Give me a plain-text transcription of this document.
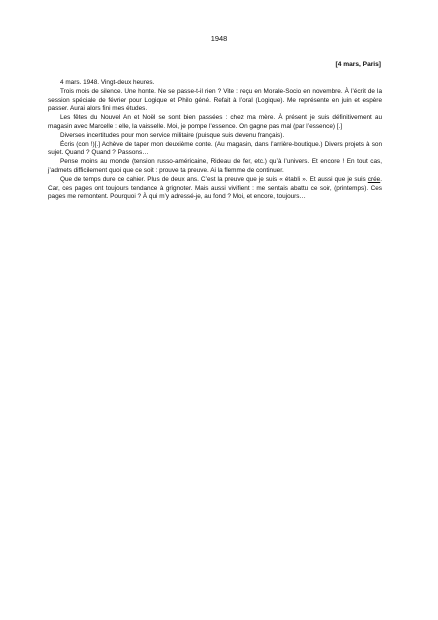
1948
[4 mars, Paris]

4 mars. 1948. Vingt-deux heures.

Trois mois de silence. Une honte. Ne se passe-t-il rien ? Vite : reçu en Morale-Socio en novembre. À l’écrit de la session spéciale de février pour Logique et Philo géné. Refait à l’oral (Logique). Me représente en juin et espère passer. Aurai alors fini mes études.

Les fêtes du Nouvel An et Noël se sont bien passées : chez ma mère. À présent je suis définitivement au magasin avec Marcelle : elle, la vaisselle. Moi, je pompe l’essence. On gagne pas mal (par l’essence) [.]

Diverses incertitudes pour mon service militaire (puisque suis devenu français).

Écris (con !)[.] Achève de taper mon deuxième conte. (Au magasin, dans l’arrière-boutique.) Divers projets à son sujet. Quand ? Quand ? Passons…

Pense moins au monde (tension russo-américaine, Rideau de fer, etc.) qu’à l’univers. Et encore ! En tout cas, j’admets difficilement quoi que ce soit : prouve ta preuve. Ai la flemme de continuer.

Que de temps dure ce cahier. Plus de deux ans. C’est la preuve que je suis « établi ». Et aussi que je suis crée. Car, ces pages ont toujours tendance à grignoter. Mais aussi vivifient : me sentais abattu ce soir, (printemps). Ces pages me remontent. Pourquoi ? À qui m’y adressé-je, au fond ? Moi, et encore, toujours…
